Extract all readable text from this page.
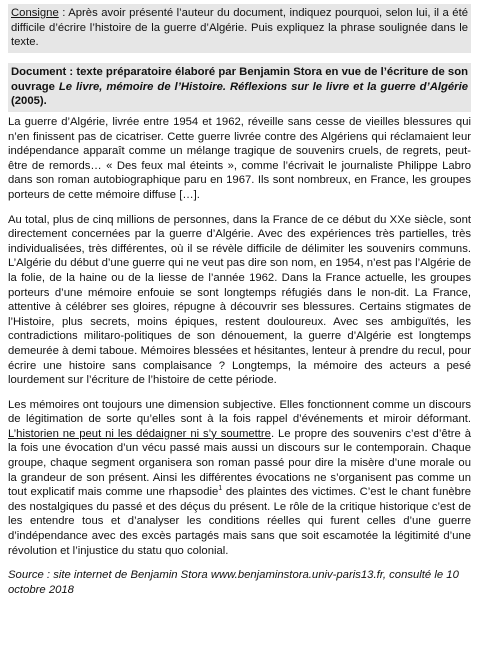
Consigne : Après avoir présenté l’auteur du document, indiquez pourquoi, selon lui, il a été difficile d’écrire l’histoire de la guerre d’Algérie. Puis expliquez la phrase soulignée dans le texte.
Document : texte préparatoire élaboré par Benjamin Stora en vue de l’écriture de son ouvrage Le livre, mémoire de l’Histoire. Réflexions sur le livre et la guerre d’Algérie (2005).

La guerre d’Algérie, livrée entre 1954 et 1962, réveille sans cesse de vieilles blessures qui n’en finissent pas de cicatriser. Cette guerre livrée contre des Algériens qui réclamaient leur indépendance apparaît comme un mélange tragique de souvenirs cruels, de regrets, peut-être de remords… « Des feux mal éteints », comme l’écrivait le journaliste Philippe Labro dans son roman autobiographique paru en 1967. Ils sont nombreux, en France, les groupes porteurs de cette mémoire diffuse […].

Au total, plus de cinq millions de personnes, dans la France de ce début du XXe siècle, sont directement concernées par la guerre d’Algérie. Avec des expériences très partielles, très individualisées, très différentes, où il se révèle difficile de délimiter les souvenirs communs. L’Algérie du début d’une guerre qui ne veut pas dire son nom, en 1954, n’est pas l’Algérie de la folie, de la haine ou de la liesse de l’année 1962. Dans la France actuelle, les groupes porteurs d’une mémoire enfouie se sont longtemps réfugiés dans le non-dit. La France, attentive à célébrer ses gloires, répugne à découvrir ses blessures. Certains stigmates de l’Histoire, plus secrets, moins épiques, restent douloureux. Avec ses ambiguïtés, les contradictions militaro-politiques de son dénouement, la guerre d’Algérie est longtemps demeurée à demi taboue. Mémoires blessées et hésitantes, lenteur à prendre du recul, pour écrire une histoire sans complaisance ? Longtemps, la mémoire des acteurs a pesé lourdement sur l’écriture de l’histoire de cette période.

Les mémoires ont toujours une dimension subjective. Elles fonctionnent comme un discours de légitimation de sorte qu’elles sont à la fois rappel d’événements et miroir déformant. L’historien ne peut ni les dédaigner ni s’y soumettre. Le propre des souvenirs c’est d’être à la fois une évocation d’un vécu passé mais aussi un discours sur le contemporain. Chaque groupe, chaque segment organisera son roman passé pour dire la misère d’une morale ou la grandeur de son présent. Ainsi les différentes évocations ne s’organisent pas comme un tout explicatif mais comme une rhapsodie$^1$ des plaintes des victimes. C’est le chant funèbre des nostalgiques du passé et des déçus du présent. Le rôle de la critique historique c’est de les entendre tous et d’analyser les conditions réelles qui furent celles d’une guerre d’indépendance avec des excès partagés mais sans que soit escamotée la légitimité d’une révolution et l’injustice du statu quo colonial.

Source : site internet de Benjamin Stora www.benjaminstora.univ-paris13.fr, consulté le 10 octobre 2018
